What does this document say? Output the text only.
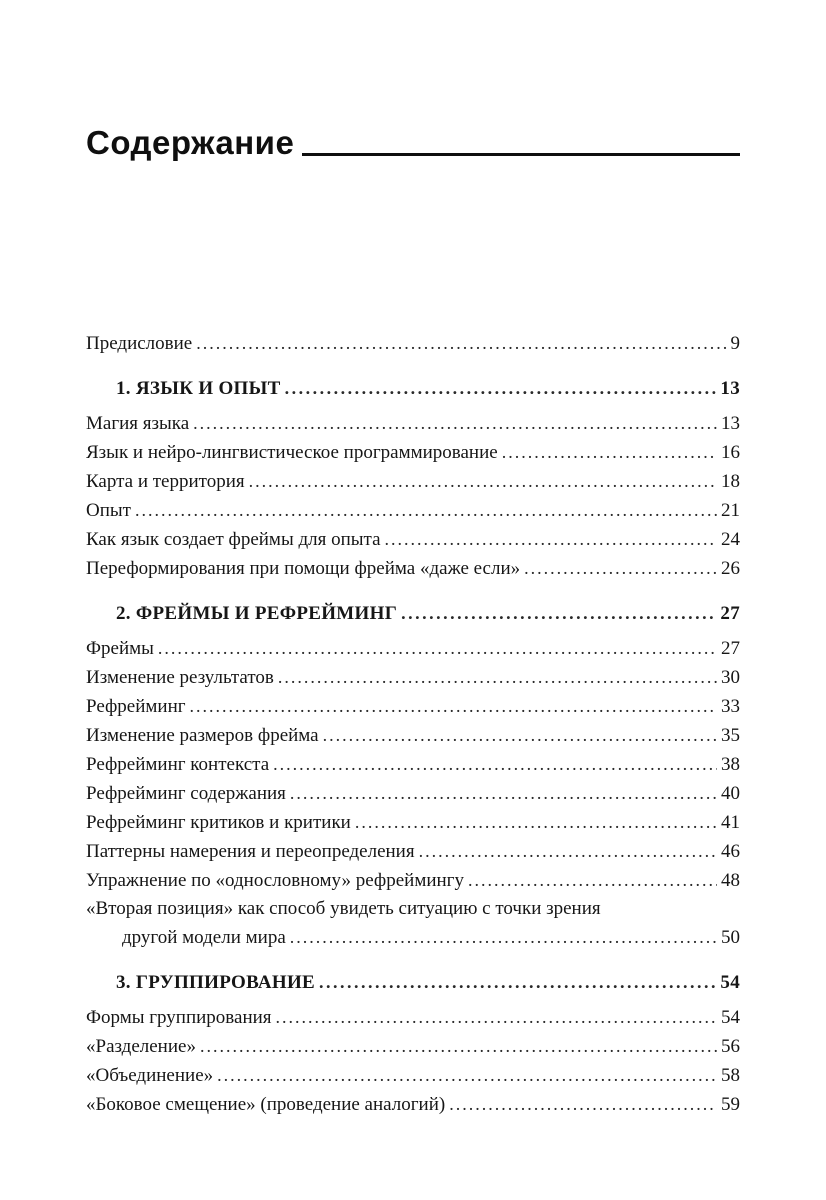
Содержание
Предисловие .....	9
1. ЯЗЫК И ОПЫТ .....	13
Магия языка .....	13
Язык и нейро-лингвистическое программирование .....	16
Карта и территория .....	18
Опыт .....	21
Как язык создает фреймы для опыта .....	24
Переформирования при помощи фрейма «даже если» .....	26
2. ФРЕЙМЫ И РЕФРЕЙМИНГ .....	27
Фреймы .....	27
Изменение результатов .....	30
Рефрейминг .....	33
Изменение размеров фрейма .....	35
Рефрейминг контекста .....	38
Рефрейминг содержания .....	40
Рефрейминг критиков и критики .....	41
Паттерны намерения и переопределения .....	46
Упражнение по «однословному» рефреймингу .....	48
«Вторая позиция» как способ увидеть ситуацию с точки зрения
другой модели мира .....	50
3. ГРУППИРОВАНИЕ .....	54
Формы группирования .....	54
«Разделение» .....	56
«Объединение» .....	58
«Боковое смещение» (проведение аналогий) .....	59
